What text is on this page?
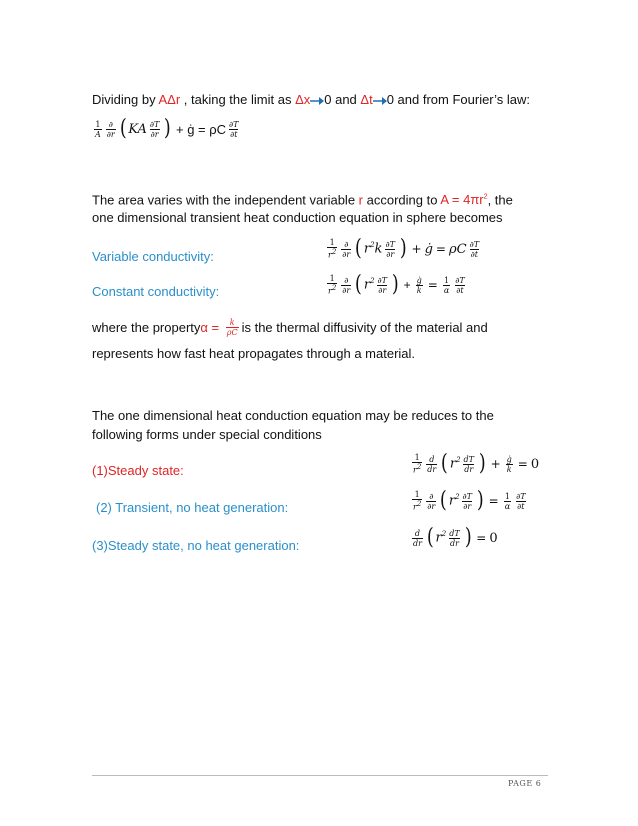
Dividing by AΔr , taking the limit as Δx 0 and Δt 0 and from Fourier’s law:
$\frac{1}{A} \frac{\partial}{\partial r}$ ( KA $\frac{\partial T}{\partial r}$ ) + ġ = ρC $\frac{\partial T}{\partial t}$
The area varies with the independent variable r according to $A = 4\pi r^2$, the
one dimensional transient heat conduction equation in sphere becomes
Variable conductivity:	$\frac{1}{r^2} \frac{\partial}{\partial r}$ ( $r^2k \frac{\partial T}{\partial r}$ ) + ġ = ρC $\frac{\partial T}{\partial t}$
Constant conductivity:	$\frac{1}{r^2} \frac{\partial}{\partial r}$ ( $r^2 \frac{\partial T}{\partial r}$ ) + $\frac{ġ}{k} = \frac{1}{\alpha} \frac{\partial T}{\partial t}$
where the property $\alpha = \frac{k}{\rho C}$ is the thermal diffusivity of the material and
represents how fast heat propagates through a material.
The one dimensional heat conduction equation may be reduces to the
following forms under special conditions
(1)Steady state:	$\frac{1}{r^2} \frac{d}{dr}$ ( $r^2 \frac{dT}{dr}$ ) + $\frac{ġ}{k} = 0$
(2) Transient, no heat generation:	$\frac{1}{r^2} \frac{\partial}{\partial r}$ ( $r^2 \frac{\partial T}{\partial r}$ ) = $\frac{1}{\alpha} \frac{\partial T}{\partial t}$
(3)Steady state, no heat generation:	$\frac{d}{dr}$ ( $r^2 \frac{dT}{dr}$ ) = 0
PAGE 6
